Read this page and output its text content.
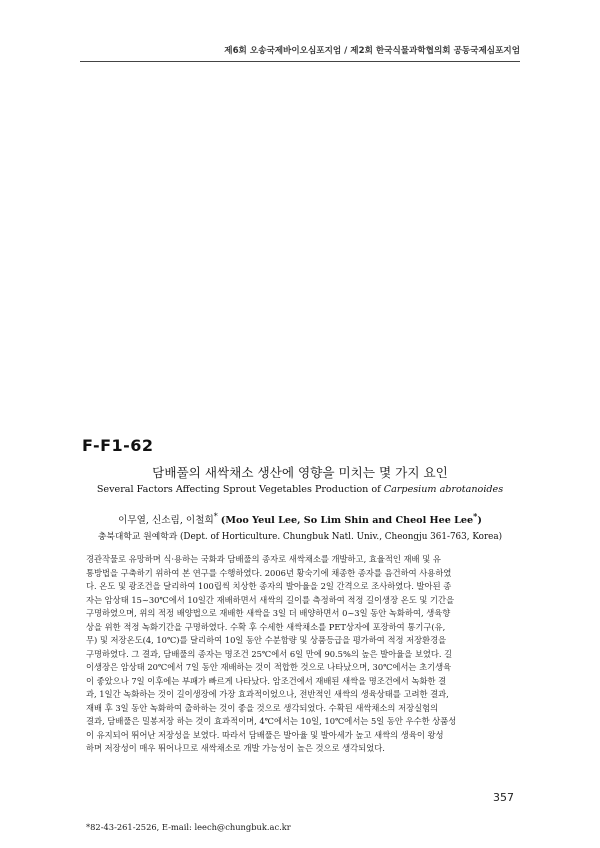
제6회 오송국제바이오심포지엄 / 제2회 한국식물과학협의회 공동국제심포지엄
F-F1-62
담배풀의 새싹채소 생산에 영향을 미치는 몇 가지 요인
Several Factors Affecting Sprout Vegetables Production of Carpesium abrotanoides
이무열, 신소림, 이철희* (Moo Yeul Lee, So Lim Shin and Cheol Hee Lee*)
충북대학교 원예학과 (Dept. of Horticulture. Chungbuk Natl. Univ., Cheongju 361-763, Korea)
경관작물로 유망하며 식·용하는 국화과 담배풀의 종자로 새싹채소를 개발하고, 효율적인 재배 및 유
통방법을 구축하기 위하여 본 연구를 수행하였다. 2006년 황숙기에 채종한 종자를 음건하여 사용하였
다. 온도 및 광조건을 달리하여 100립씩 치상한 종자의 발아율을 2일 간격으로 조사하였다. 발아된 종
자는 암상태 15~30℃에서 10일간 재배하면서 새싹의 길이를 측정하여 적정 길이생장 온도 및 기간을
구명하였으며, 위의 적정 배양법으로 재배한 새싹을 3일 더 배양하면서 0~3일 동안 녹화하여, 생육향
상을 위한 적정 녹화기간을 구명하였다. 수확 후 수세한 새싹채소를 PET상자에 포장하여 통기구(유,
무) 및 저장온도(4, 10℃)를 달리하여 10일 동안 수분함량 및 상품등급을 평가하여 적정 저장환경을
구명하였다. 그 결과, 담배풀의 종자는 명조건 25℃에서 6일 만에 90.5%의 높은 발아율을 보였다. 길
이생장은 암상태 20℃에서 7일 동안 재배하는 것이 적합한 것으로 나타났으며, 30℃에서는 초기생육
이 좋았으나 7일 이후에는 부패가 빠르게 나타났다. 암조건에서 재배된 새싹을 명조건에서 녹화한 결
과, 1일간 녹화하는 것이 길이생장에 가장 효과적이었으나, 전반적인 새싹의 생육상태를 고려한 결과,
재배 후 3일 동안 녹화하여 출하하는 것이 좋을 것으로 생각되었다. 수확된 새싹채소의 저장실험의
결과, 담배풀은 밀봉저장 하는 것이 효과적이며, 4℃에서는 10일, 10℃에서는 5일 동안 우수한 상품성
이 유지되어 뛰어난 저장성을 보였다. 따라서 담배풀은 발아율 및 발아세가 높고 새싹의 생육이 왕성
하며 저장성이 매우 뛰어나므로 새싹채소로 개발 가능성이 높은 것으로 생각되었다.
357
*82-43-261-2526, E-mail: leech@chungbuk.ac.kr
